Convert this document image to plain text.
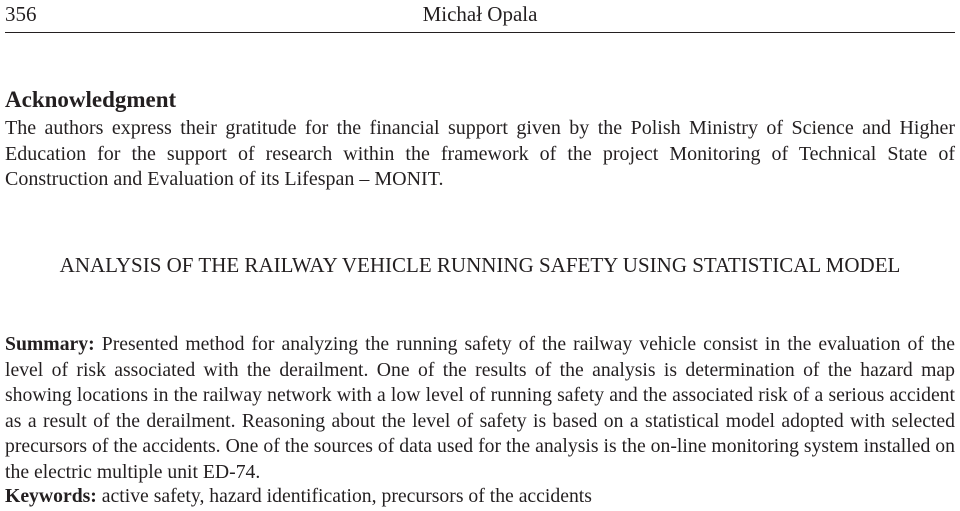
356	Michał Opala
Acknowledgment

The authors express their gratitude for the financial support given by the Polish Ministry of Science and Higher Education for the support of research within the framework of the project Monitoring of Technical State of Construction and Evaluation of its Lifespan – MONIT.

ANALYSIS OF THE RAILWAY VEHICLE RUNNING SAFETY USING STATISTICAL MODEL

Summary: Presented method for analyzing the running safety of the railway vehicle consist in the evaluation of the level of risk associated with the derailment. One of the results of the analysis is determination of the hazard map showing locations in the railway network with a low level of running safety and the associated risk of a serious accident as a result of the derailment. Reasoning about the level of safety is based on a statistical model adopted with selected precursors of the accidents. One of the sources of data used for the analysis is the on-line monitoring system installed on the electric multiple unit ED-74.

Keywords: active safety, hazard identification, precursors of the accidents
